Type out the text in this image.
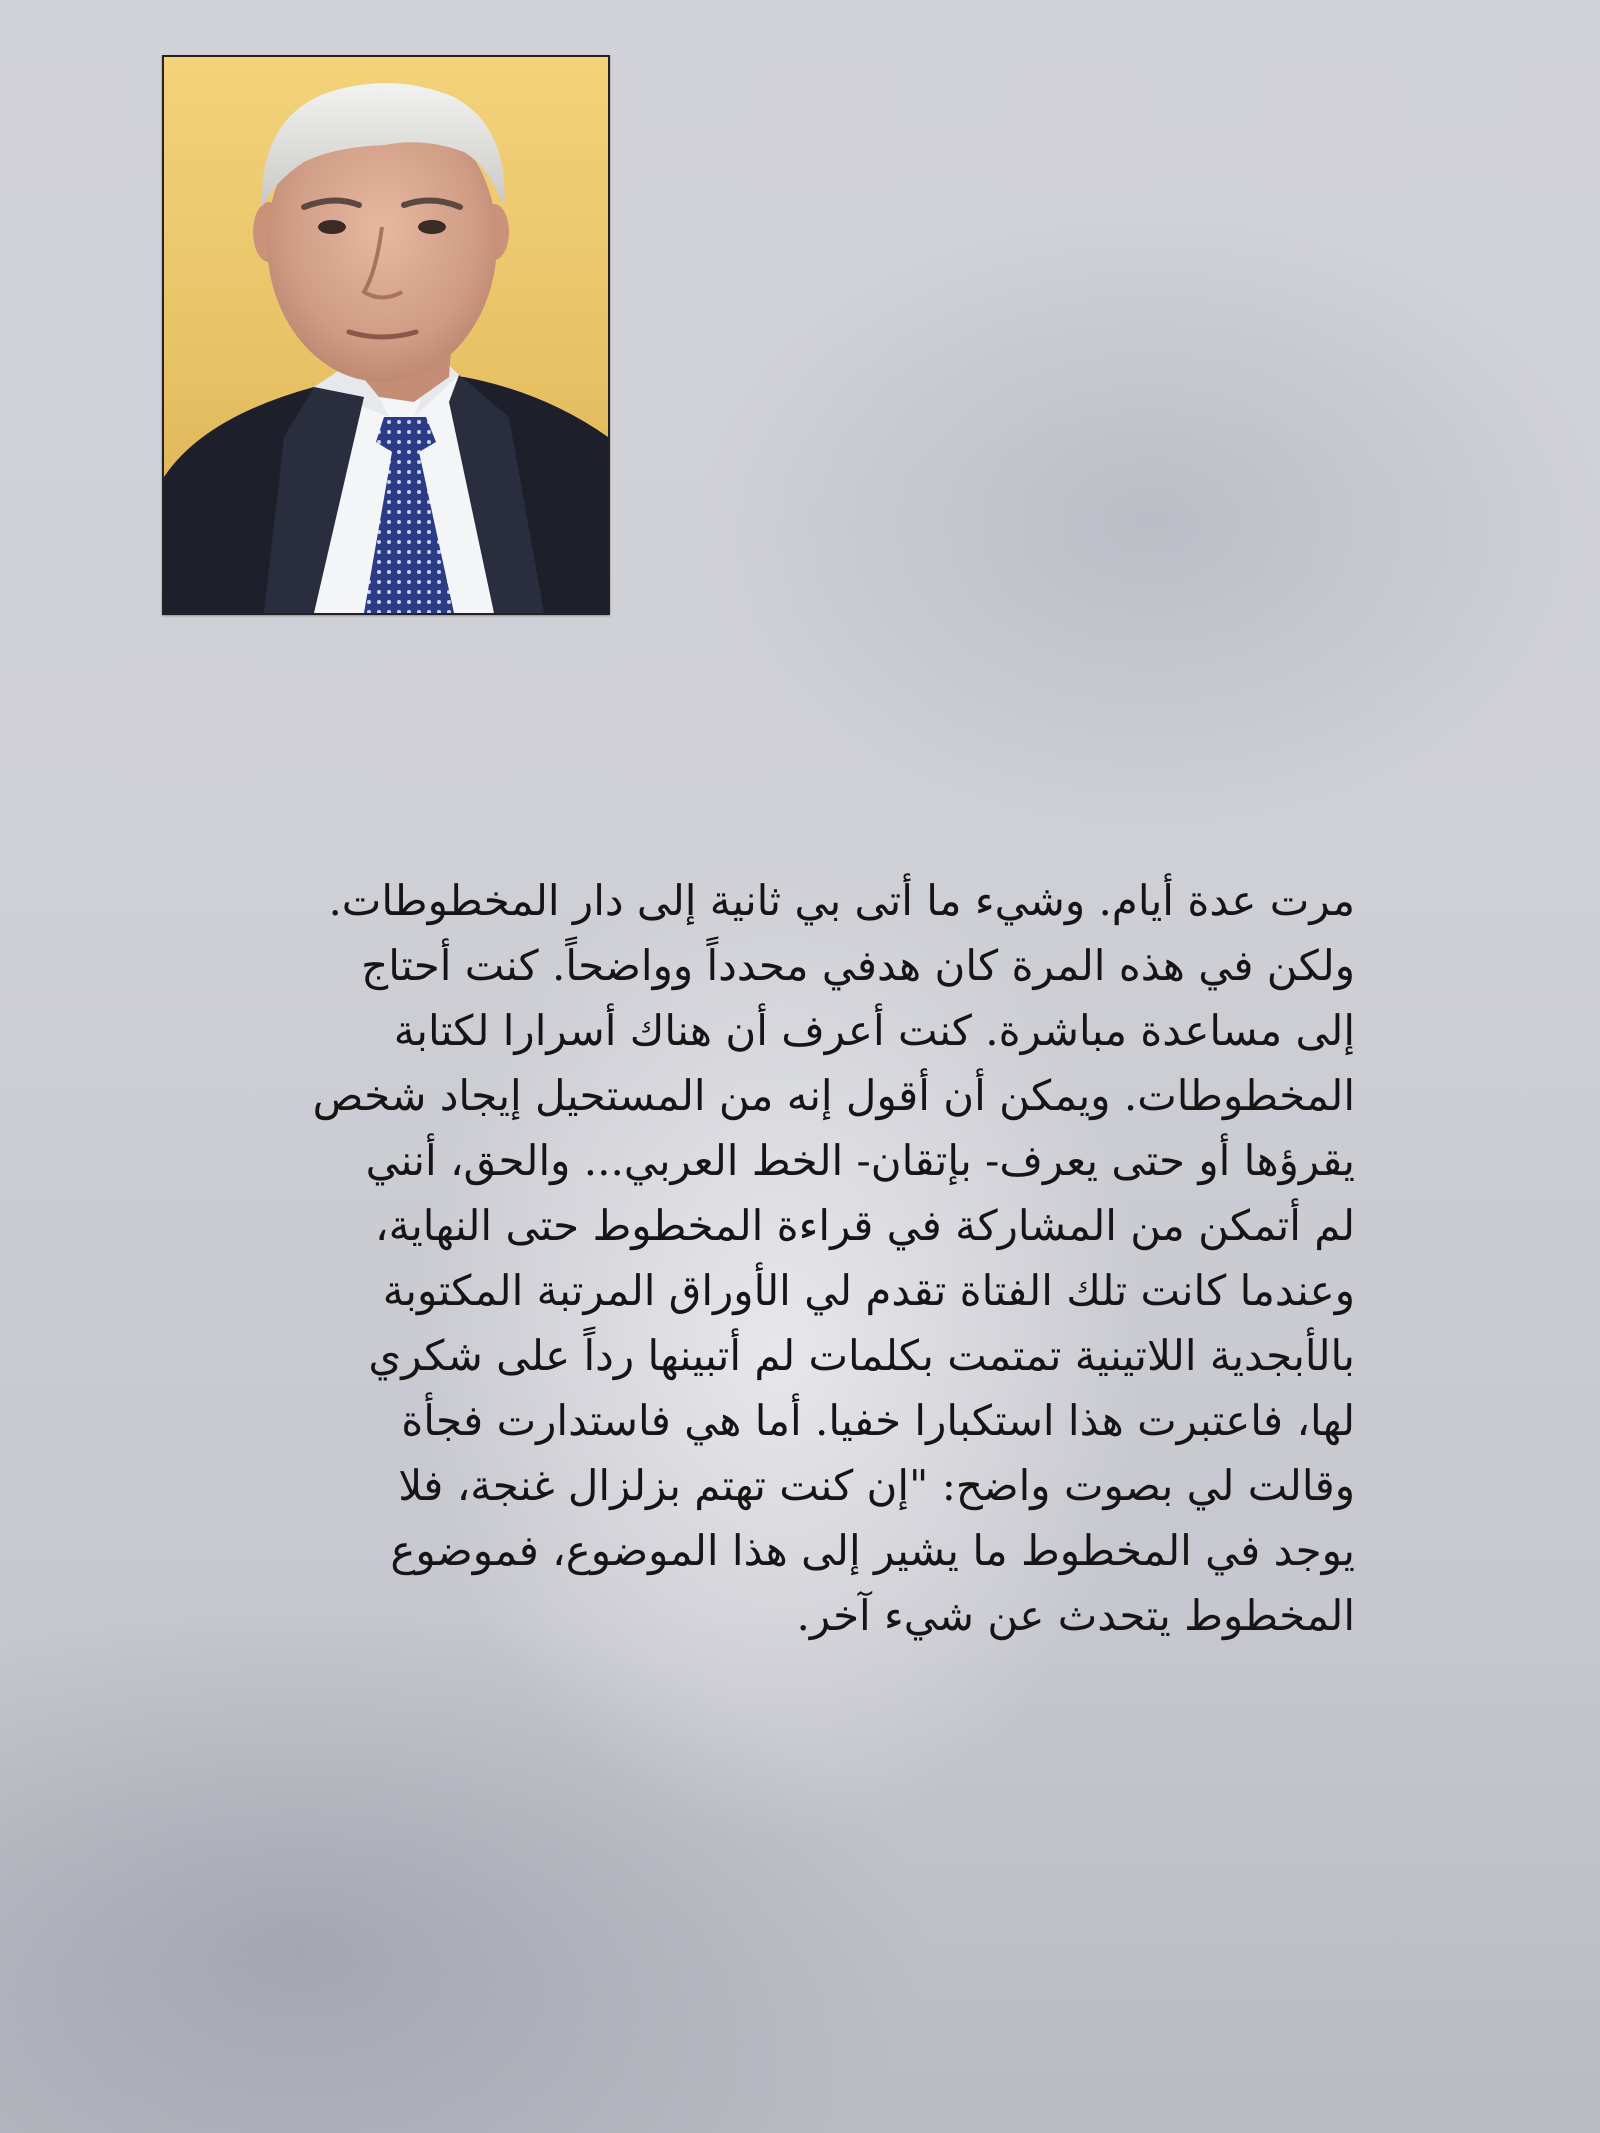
مرت عدة أيام. وشيء ما أتى بي ثانية إلى دار المخطوطات.
ولكن في هذه المرة كان هدفي محدداً وواضحاً. كنت أحتاج
إلى مساعدة مباشرة. كنت أعرف أن هناك أسرارا لكتابة
المخطوطات. ويمكن أن أقول إنه من المستحيل إيجاد شخص
يقرؤها أو حتى يعرف- بإتقان- الخط العربي... والحق، أنني
لم أتمكن من المشاركة في قراءة المخطوط حتى النهاية،
وعندما كانت تلك الفتاة تقدم لي الأوراق المرتبة المكتوبة
بالأبجدية اللاتينية تمتمت بكلمات لم أتبينها رداً على شكري
لها، فاعتبرت هذا استكبارا خفيا. أما هي فاستدارت فجأة
وقالت لي بصوت واضح: "إن كنت تهتم بزلزال غنجة، فلا
يوجد في المخطوط ما يشير إلى هذا الموضوع، فموضوع
المخطوط يتحدث عن شيء آخر.
